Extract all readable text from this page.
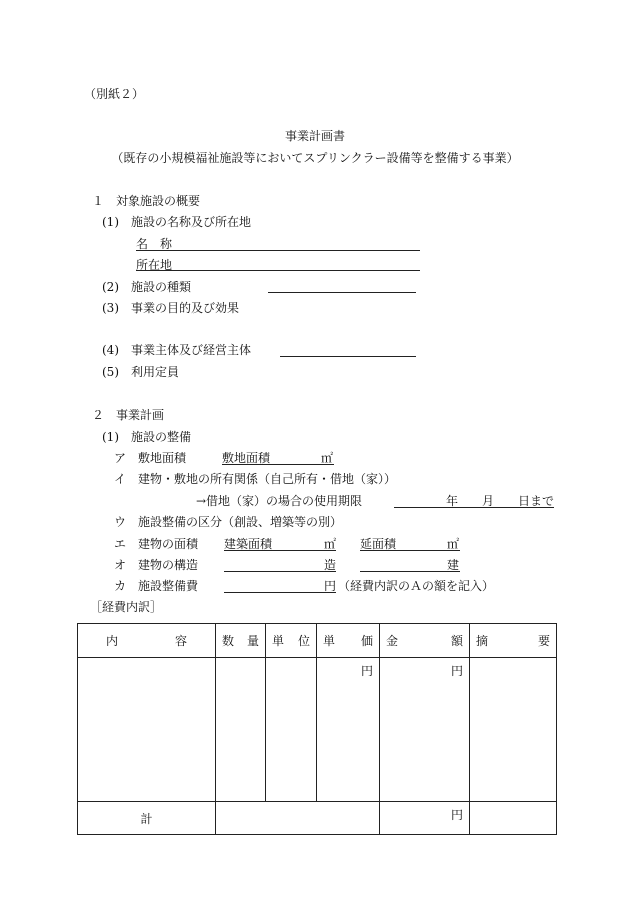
（別紙２）
事業計画書
（既存の小規模福祉施設等においてスプリンクラー設備等を整備する事業）
１　対象施設の概要
(1)　施設の名称及び所在地
名　称
所在地
(2)　施設の種類
(3)　事業の目的及び効果
(4)　事業主体及び経営主体
(5)　利用定員
２　事業計画
(1)　施設の整備
ア　敷地面積	敷地面積	㎡
イ　建物・敷地の所有関係（自己所有・借地（家））
→借地（家）の場合の使用期限	年 月 日まで
ウ　施設整備の区分（創設、増築等の別）
エ　建物の面積 建築面積	㎡ 延面積	㎡
オ　建物の構造	造	建
カ　施設整備費	円 （経費内訳のＡの額を記入）
［経費内訳］
内 容	数 量	単 位	単 価	金 額	摘 要

			円	円	

計				円	
